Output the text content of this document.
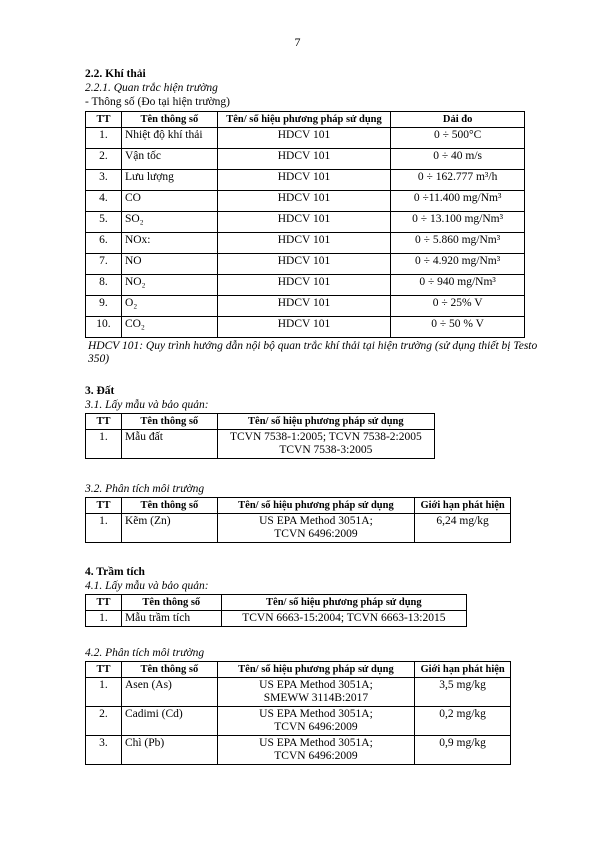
7
2.2. Khí thải
2.2.1. Quan trắc hiện trường
- Thông số (Đo tại hiện trường)
TT	Tên thông số	Tên/ số hiệu phương pháp sử dụng	Dải đo
1.	Nhiệt độ khí thải	HDCV 101	0 ÷ 500°C
2.	Vận tốc	HDCV 101	0 ÷ 40 m/s
3.	Lưu lượng	HDCV 101	0 ÷ 162.777 m³/h
4.	CO	HDCV 101	0 ÷11.400 mg/Nm³
5.	SO₂	HDCV 101	0 ÷ 13.100 mg/Nm³
6.	NOx:	HDCV 101	0 ÷ 5.860 mg/Nm³
7.	NO	HDCV 101	0 ÷ 4.920 mg/Nm³
8.	NO₂	HDCV 101	0 ÷ 940 mg/Nm³
9.	O₂	HDCV 101	0 ÷ 25% V
10.	CO₂	HDCV 101	0 ÷ 50 % V
HDCV 101: Quy trình hướng dẫn nội bộ quan trắc khí thải tại hiện trường (sử dụng thiết bị Testo 350)
3. Đất
3.1. Lấy mẫu và bảo quản:
TT	Tên thông số	Tên/ số hiệu phương pháp sử dụng
1.	Mẫu đất	TCVN 7538-1:2005; TCVN 7538-2:2005
TCVN 7538-3:2005
3.2. Phân tích môi trường
TT	Tên thông số	Tên/ số hiệu phương pháp sử dụng	Giới hạn phát hiện
1.	Kẽm (Zn)	US EPA Method 3051A;
TCVN 6496:2009	6,24 mg/kg
4. Trầm tích
4.1. Lấy mẫu và bảo quản:
TT	Tên thông số	Tên/ số hiệu phương pháp sử dụng
1.	Mẫu trầm tích	TCVN 6663-15:2004; TCVN 6663-13:2015
4.2. Phân tích môi trường
TT	Tên thông số	Tên/ số hiệu phương pháp sử dụng	Giới hạn phát hiện
1.	Asen (As)	US EPA Method 3051A;
SMEWW 3114B:2017	3,5 mg/kg
2.	Cadimi (Cd)	US EPA Method 3051A;
TCVN 6496:2009	0,2 mg/kg
3.	Chì (Pb)	US EPA Method 3051A;
TCVN 6496:2009	0,9 mg/kg
